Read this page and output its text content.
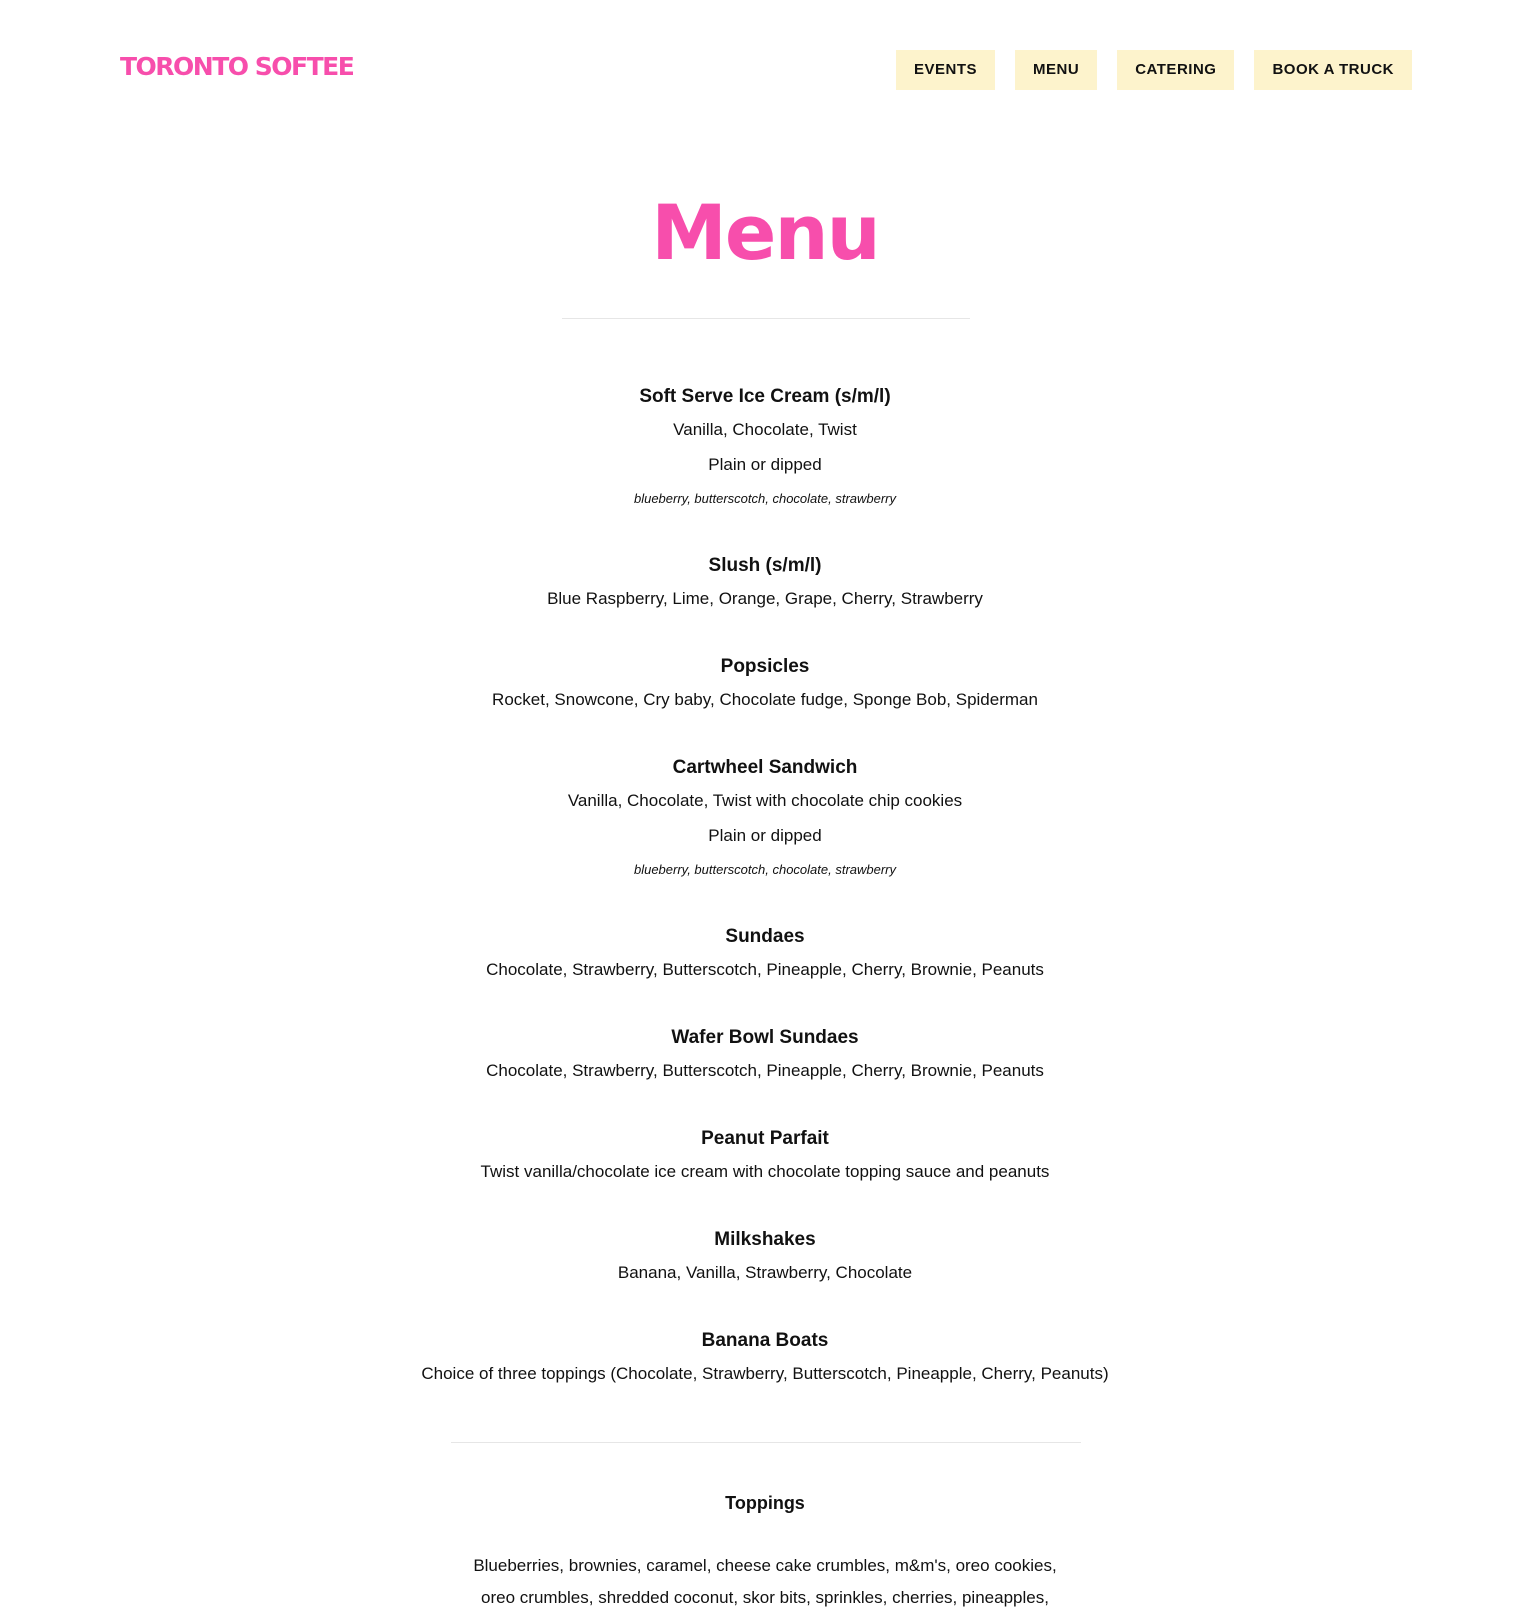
TORONTO SOFTEE	EVENTS	MENU	CATERING	BOOK A TRUCK
Menu
Soft Serve Ice Cream (s/m/l)
Vanilla, Chocolate, Twist
Plain or dipped
blueberry, butterscotch, chocolate, strawberry
Slush (s/m/l)
Blue Raspberry, Lime, Orange, Grape, Cherry, Strawberry
Popsicles
Rocket, Snowcone, Cry baby, Chocolate fudge, Sponge Bob, Spiderman
Cartwheel Sandwich
Vanilla, Chocolate, Twist with chocolate chip cookies
Plain or dipped
blueberry, butterscotch, chocolate, strawberry
Sundaes
Chocolate, Strawberry, Butterscotch, Pineapple, Cherry, Brownie, Peanuts
Wafer Bowl Sundaes
Chocolate, Strawberry, Butterscotch, Pineapple, Cherry, Brownie, Peanuts
Peanut Parfait
Twist vanilla/chocolate ice cream with chocolate topping sauce and peanuts
Milkshakes
Banana, Vanilla, Strawberry, Chocolate
Banana Boats
Choice of three toppings (Chocolate, Strawberry, Butterscotch, Pineapple, Cherry, Peanuts)
Toppings
Blueberries, brownies, caramel, cheese cake crumbles, m&m's, oreo cookies,
oreo crumbles, shredded coconut, skor bits, sprinkles, cherries, pineapples,
